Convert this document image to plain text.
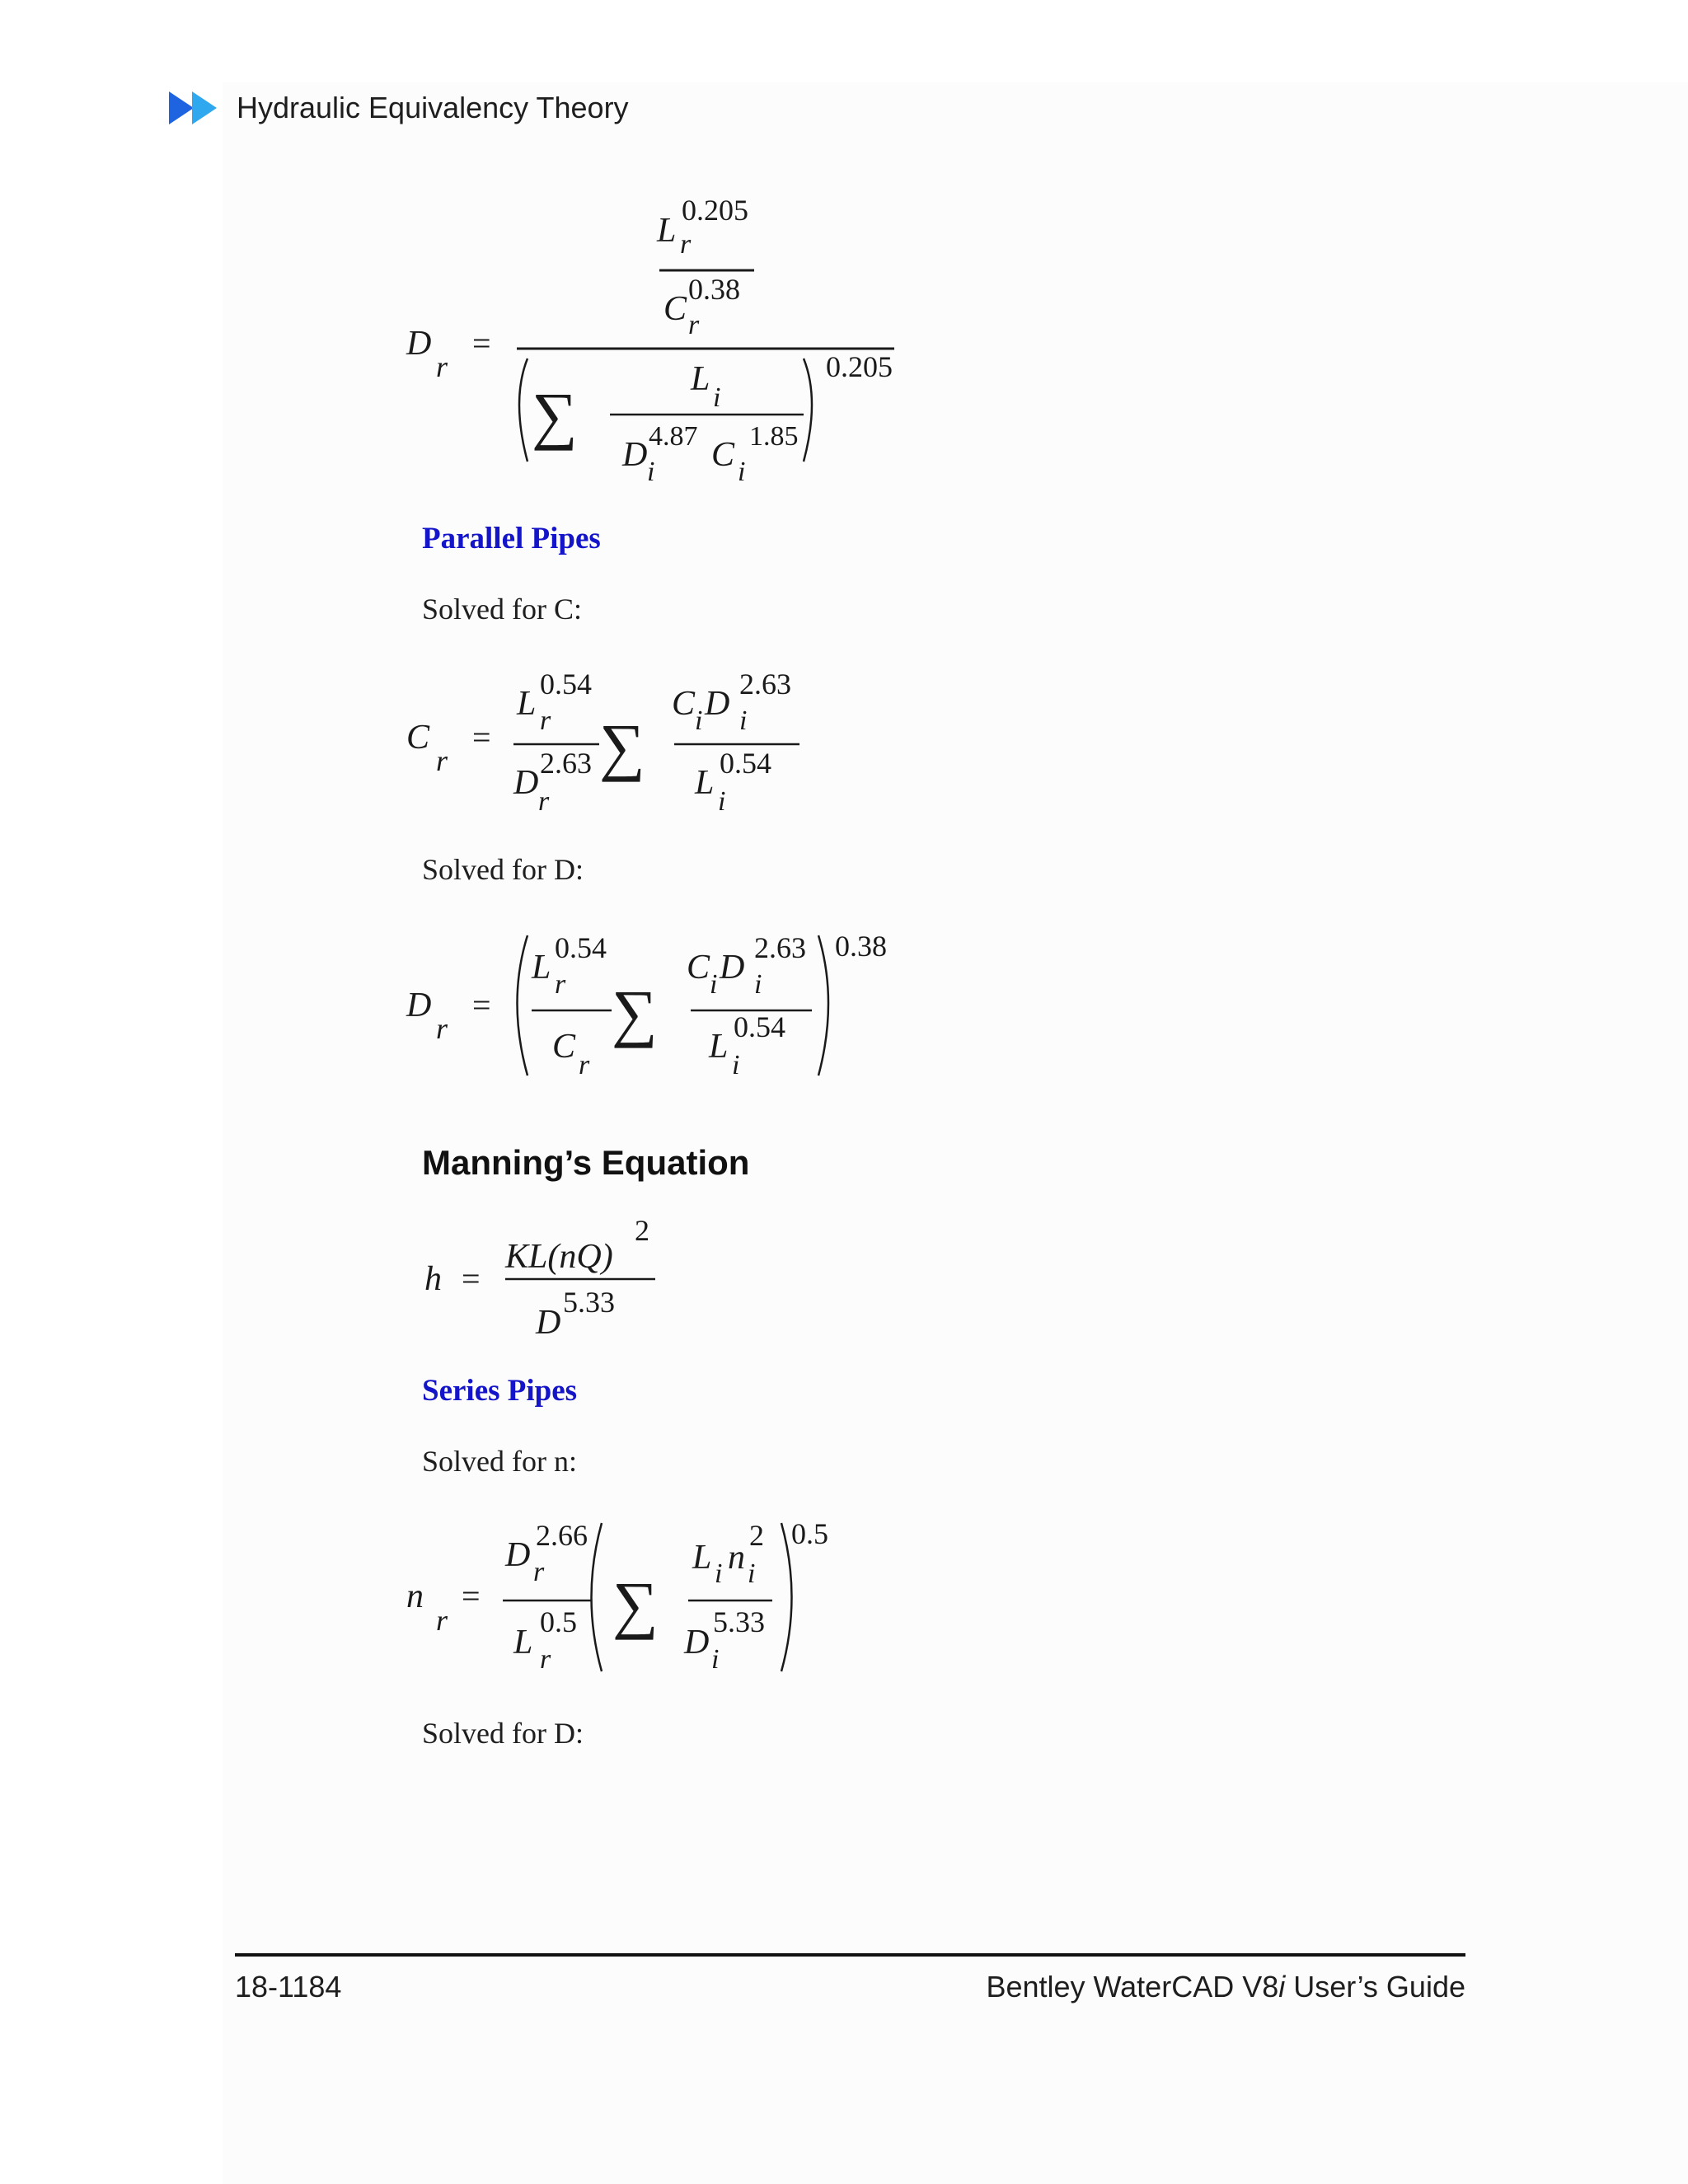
Hydraulic Equivalency Theory
D
r
=
L
0.205
r
C
0.38
r
∑	L i
D 4.87
i C 1.85
i
0.205
Parallel Pipes
Solved for C:
C
r
=
L
0.54
r
D
2.63
r
∑
C i D
2.63
i
L
0.54
i
Solved for D:
D
r
=
L
0.54
r
C r
∑
C i D
2.63
i
L
0.54
i
0.38
Manning’s Equation
h =
KL(nQ)
2
D
5.33
Series Pipes
Solved for n:
n
r
=
D
2.66
r
L
0.5
r
∑
L i n
2
i
D
5.33
i
0.5
Solved for D:
18-1184	Bentley WaterCAD V8i User’s Guide
